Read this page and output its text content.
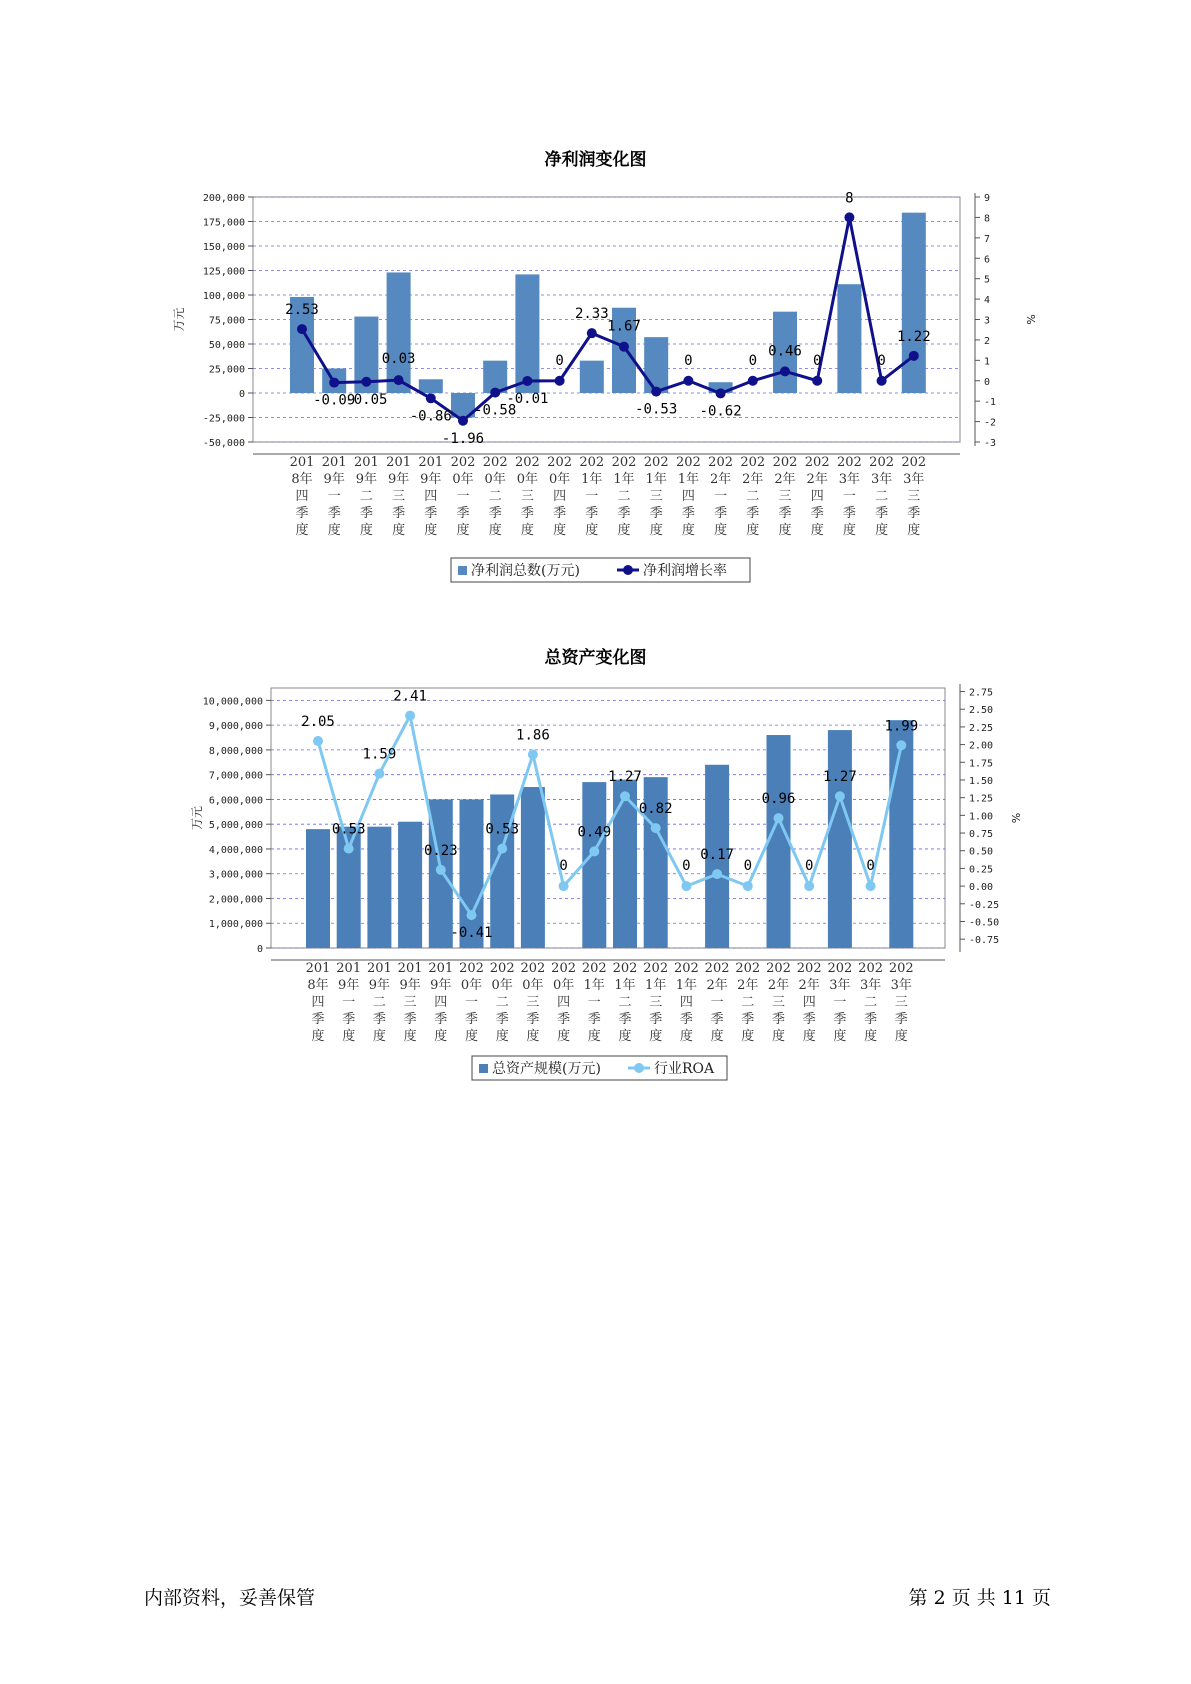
净利润变化图
200,000
175,000
150,000
125,000
100,000
75,000
50,000
25,000
0
-25,000
-50,000
9
8
7
6
5
4
3
2
1
0
-1
-2
-3
万元	%
201
8年
四
季
度
201
9年
一
季
度
201
9年
二
季
度
201
9年
三
季
度
201
9年
四
季
度
202
0年
一
季
度
202
0年
二
季
度
202
0年
三
季
度
202
0年
四
季
度
202
1年
一
季
度
202
1年
二
季
度
202
1年
三
季
度
202
1年
四
季
度
202
2年
一
季
度
202
2年
二
季
度
202
2年
三
季
度
202
2年
四
季
度
202
3年
一
季
度
202
3年
二
季
度
202
3年
三
季
度
2.53
-0.09
-0.05
0.03
-0.86
-1.96
-0.58
-0.01
0
2.33
1.67
-0.53
0
-0.62
0
0.46
0
8
0
1.22
净利润总数(万元)	净利润增长率
总资产变化图
10,000,000
9,000,000
8,000,000
7,000,000
6,000,000
5,000,000
4,000,000
3,000,000
2,000,000
1,000,000
0
2.75
2.50
2.25
2.00
1.75
1.50
1.25
1.00
0.75
0.50
0.25
0.00
-0.25
-0.50
-0.75
万元	%
201
8年
四
季
度
201
9年
一
季
度
201
9年
二
季
度
201
9年
三
季
度
201
9年
四
季
度
202
0年
一
季
度
202
0年
二
季
度
202
0年
三
季
度
202
0年
四
季
度
202
1年
一
季
度
202
1年
二
季
度
202
1年
三
季
度
202
1年
四
季
度
202
2年
一
季
度
202
2年
二
季
度
202
2年
三
季
度
202
2年
四
季
度
202
3年
一
季
度
202
3年
二
季
度
202
3年
三
季
度
2.05
0.53
1.59
2.41
0.23
-0.41
0.53
1.86
0
0.49
1.27
0.82
0
0.17
0
0.96
0
1.27
0
1.99
总资产规模(万元)	行业ROA
内部资料，妥善保管	第 2 页 共 11 页
